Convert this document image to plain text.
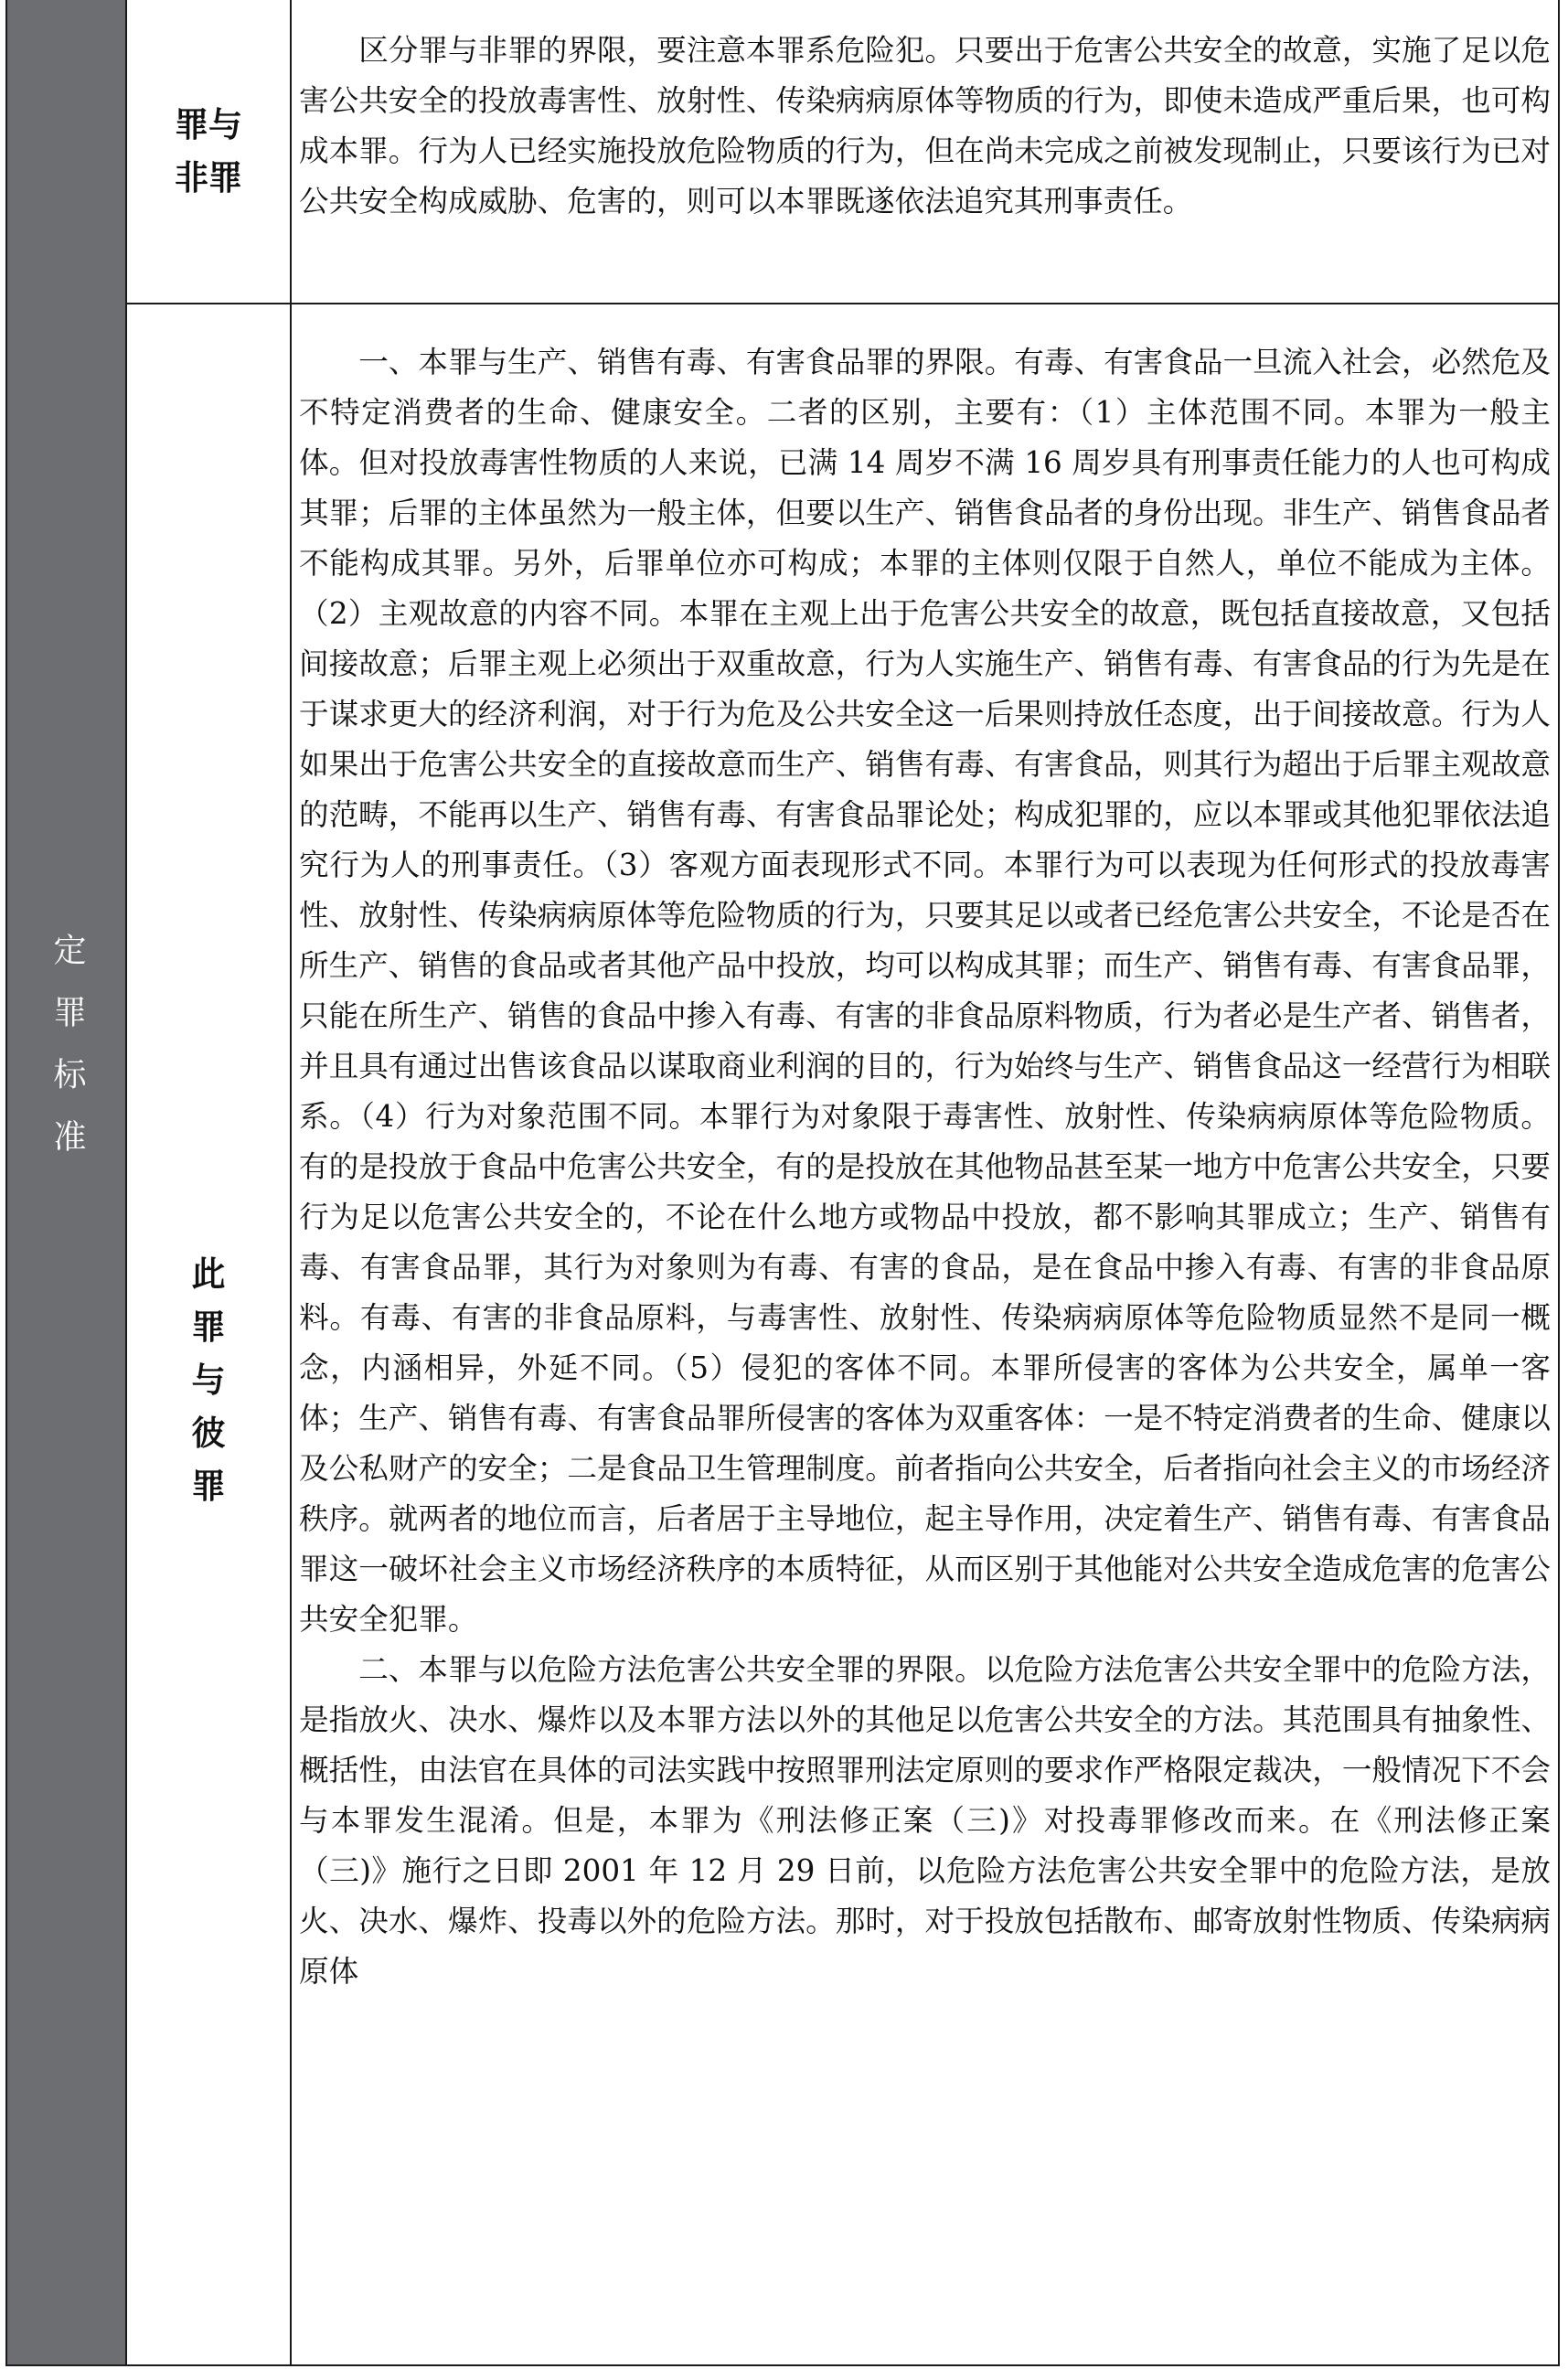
定罪标准
罪与非罪

区分罪与非罪的界限，要注意本罪系危险犯。只要出于危害公共安全的故意，实施了足以危害公共安全的投放毒害性、放射性、传染病病原体等物质的行为，即使未造成严重后果，也可构成本罪。行为人已经实施投放危险物质的行为，但在尚未完成之前被发现制止，只要该行为已对公共安全构成威胁、危害的，则可以本罪既遂依法追究其刑事责任。

此罪与彼罪

一、本罪与生产、销售有毒、有害食品罪的界限。有毒、有害食品一旦流入社会，必然危及不特定消费者的生命、健康安全。二者的区别，主要有：（1）主体范围不同。本罪为一般主体。但对投放毒害性物质的人来说，已满 14 周岁不满 16 周岁具有刑事责任能力的人也可构成其罪；后罪的主体虽然为一般主体，但要以生产、销售食品者的身份出现。非生产、销售食品者不能构成其罪。另外，后罪单位亦可构成；本罪的主体则仅限于自然人，单位不能成为主体。（2）主观故意的内容不同。本罪在主观上出于危害公共安全的故意，既包括直接故意，又包括间接故意；后罪主观上必须出于双重故意，行为人实施生产、销售有毒、有害食品的行为先是在于谋求更大的经济利润，对于行为危及公共安全这一后果则持放任态度，出于间接故意。行为人如果出于危害公共安全的直接故意而生产、销售有毒、有害食品，则其行为超出于后罪主观故意的范畴，不能再以生产、销售有毒、有害食品罪论处；构成犯罪的，应以本罪或其他犯罪依法追究行为人的刑事责任。（3）客观方面表现形式不同。本罪行为可以表现为任何形式的投放毒害性、放射性、传染病病原体等危险物质的行为，只要其足以或者已经危害公共安全，不论是否在所生产、销售的食品或者其他产品中投放，均可以构成其罪；而生产、销售有毒、有害食品罪，只能在所生产、销售的食品中掺入有毒、有害的非食品原料物质，行为者必是生产者、销售者，并且具有通过出售该食品以谋取商业利润的目的，行为始终与生产、销售食品这一经营行为相联系。（4）行为对象范围不同。本罪行为对象限于毒害性、放射性、传染病病原体等危险物质。有的是投放于食品中危害公共安全，有的是投放在其他物品甚至某一地方中危害公共安全，只要行为足以危害公共安全的，不论在什么地方或物品中投放，都不影响其罪成立；生产、销售有毒、有害食品罪，其行为对象则为有毒、有害的食品，是在食品中掺入有毒、有害的非食品原料。有毒、有害的非食品原料，与毒害性、放射性、传染病病原体等危险物质显然不是同一概念，内涵相异，外延不同。（5）侵犯的客体不同。本罪所侵害的客体为公共安全，属单一客体；生产、销售有毒、有害食品罪所侵害的客体为双重客体：一是不特定消费者的生命、健康以及公私财产的安全；二是食品卫生管理制度。前者指向公共安全，后者指向社会主义的市场经济秩序。就两者的地位而言，后者居于主导地位，起主导作用，决定着生产、销售有毒、有害食品罪这一破坏社会主义市场经济秩序的本质特征，从而区别于其他能对公共安全造成危害的危害公共安全犯罪。

二、本罪与以危险方法危害公共安全罪的界限。以危险方法危害公共安全罪中的危险方法，是指放火、决水、爆炸以及本罪方法以外的其他足以危害公共安全的方法。其范围具有抽象性、概括性，由法官在具体的司法实践中按照罪刑法定原则的要求作严格限定裁决，一般情况下不会与本罪发生混淆。但是，本罪为《刑法修正案（三)》对投毒罪修改而来。在《刑法修正案（三)》施行之日即 2001 年 12 月 29 日前，以危险方法危害公共安全罪中的危险方法，是放火、决水、爆炸、投毒以外的危险方法。那时，对于投放包括散布、邮寄放射性物质、传染病病原体
